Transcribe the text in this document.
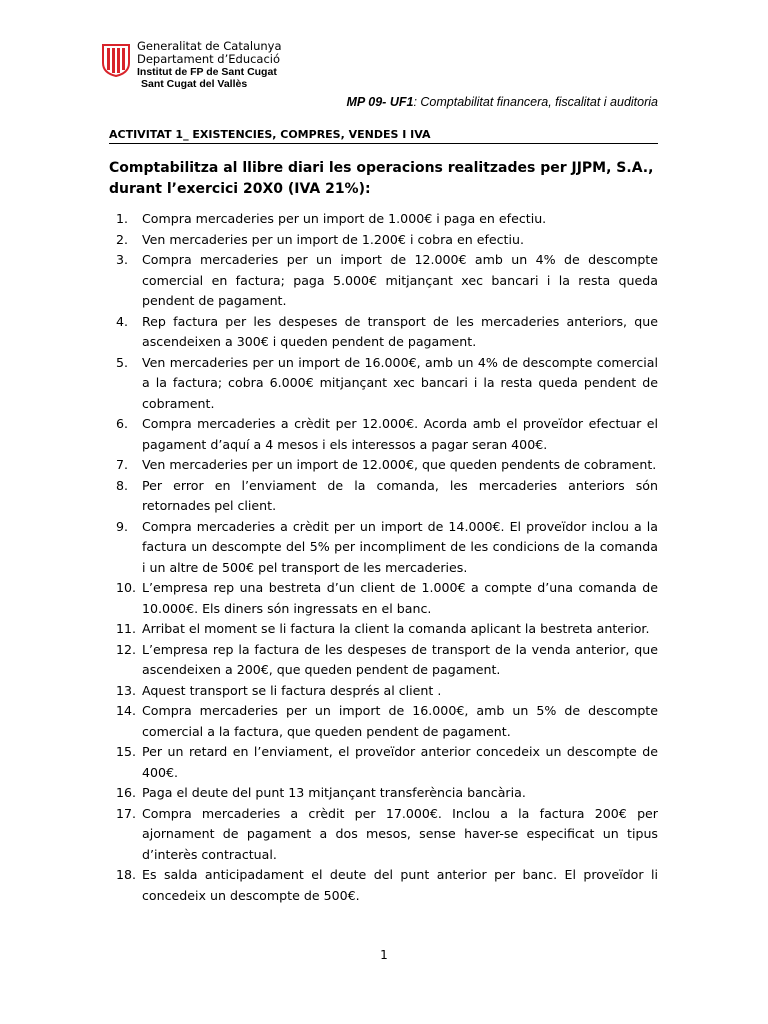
Generalitat de Catalunya
Departament d’Educació
Institut de FP de Sant Cugat
Sant Cugat del Vallès
MP 09- UF1: Comptabilitat financera, fiscalitat i auditoria
ACTIVITAT 1_ EXISTENCIES, COMPRES, VENDES I IVA
Comptabilitza al llibre diari les operacions realitzades per JJPM, S.A., durant l’exercici 20X0 (IVA 21%):
1.	Compra mercaderies per un import de 1.000€ i paga en efectiu.
2.	Ven mercaderies per un import de 1.200€ i cobra en efectiu.
3.	Compra mercaderies per un import de 12.000€ amb un 4% de descompte comercial en factura; paga 5.000€ mitjançant xec bancari i la resta queda pendent de pagament.
4.	Rep factura per les despeses de transport de les mercaderies anteriors, que ascendeixen a 300€ i queden pendent de pagament.
5.	Ven mercaderies per un import de 16.000€, amb un 4% de descompte comercial a la factura; cobra 6.000€ mitjançant xec bancari i la resta queda pendent de cobrament.
6.	Compra mercaderies a crèdit per 12.000€. Acorda amb el proveïdor efectuar el pagament d’aquí a 4 mesos i els interessos a pagar seran 400€.
7.	Ven mercaderies per un import de 12.000€, que queden pendents de cobrament.
8.	Per error en l’enviament de la comanda, les mercaderies anteriors són retornades pel client.
9.	Compra mercaderies a crèdit per un import de 14.000€. El proveïdor inclou a la factura un descompte del 5% per incompliment de les condicions de la comanda i un altre de 500€ pel transport de les mercaderies.
10. L’empresa rep una bestreta d’un client de 1.000€ a compte d’una comanda de 10.000€. Els diners són ingressats en el banc.
11. Arribat el moment se li factura la client la comanda aplicant la bestreta anterior.
12. L’empresa rep la factura de les despeses de transport de la venda anterior, que ascendeixen a 200€, que queden pendent de pagament.
13. Aquest transport se li factura després al client .
14. Compra mercaderies per un import de 16.000€, amb un 5% de descompte comercial a la factura, que queden pendent de pagament.
15. Per un retard en l’enviament, el proveïdor anterior concedeix un descompte de 400€.
16. Paga el deute del punt 13 mitjançant transferència bancària.
17. Compra mercaderies a crèdit per 17.000€. Inclou a la factura 200€ per ajornament de pagament a dos mesos, sense haver-se especificat un tipus d’interès contractual.
18. Es salda anticipadament el deute del punt anterior per banc. El proveïdor li concedeix un descompte de 500€.
1
